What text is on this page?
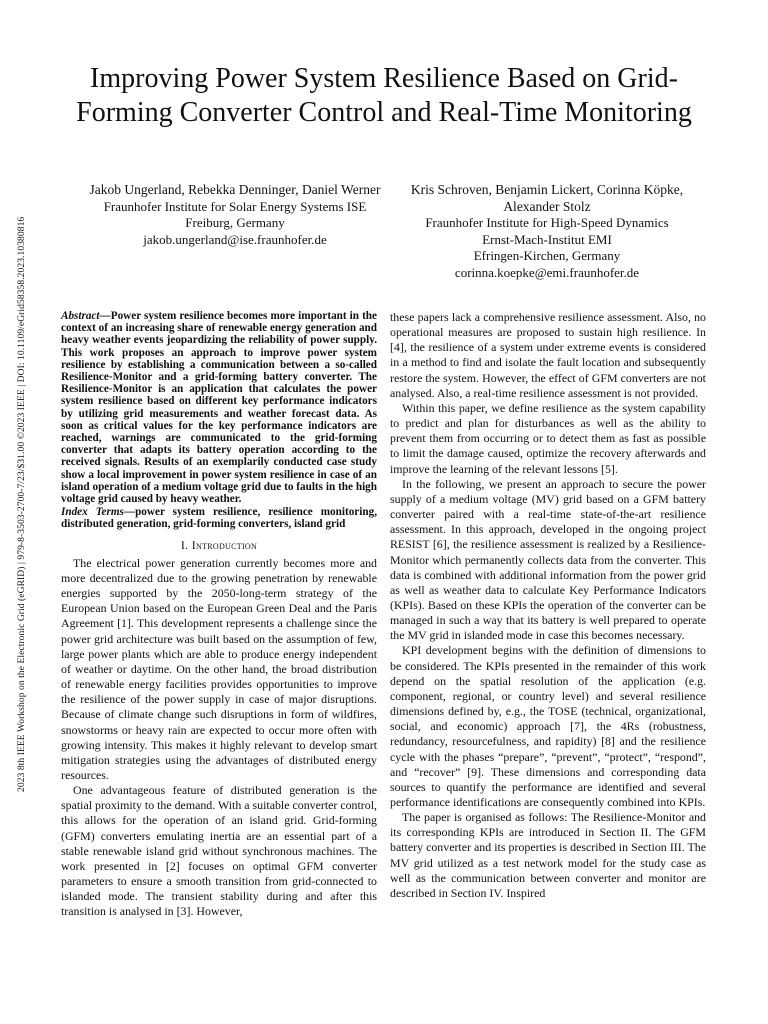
Improving Power System Resilience Based on Grid-Forming Converter Control and Real-Time Monitoring
Jakob Ungerland, Rebekka Denninger, Daniel Werner
Fraunhofer Institute for Solar Energy Systems ISE
Freiburg, Germany
jakob.ungerland@ise.fraunhofer.de
Kris Schroven, Benjamin Lickert, Corinna Köpke,
Alexander Stolz
Fraunhofer Institute for High-Speed Dynamics
Ernst-Mach-Institut EMI
Efringen-Kirchen, Germany
corinna.koepke@emi.fraunhofer.de
2023 8th IEEE Workshop on the Electronic Grid (eGRID) | 979-8-3503-2700-7/23/$31.00 ©2023 IEEE | DOI: 10.1109/eGrid58358.2023.10380816	Abstract—Power system resilience becomes more important in the context of an increasing share of renewable energy generation and heavy weather events jeopardizing the reliability of power supply. This work proposes an approach to improve power system resilience by establishing a communication between a so-called Resilience-Monitor and a grid-forming battery converter. The Resilience-Monitor is an application that calculates the power system resilience based on different key performance indicators by utilizing grid measurements and weather forecast data. As soon as critical values for the key performance indicators are reached, warnings are communicated to the grid-forming converter that adapts its battery operation according to the received signals. Results of an exemplarily conducted case study show a local improvement in power system resilience in case of an island operation of a medium voltage grid due to faults in the high voltage grid caused by heavy weather.
Index Terms—power system resilience, resilience monitoring, distributed generation, grid-forming converters, island grid
I. Introduction

The electrical power generation currently becomes more and more decentralized due to the growing penetration by renewable energies supported by the 2050-long-term strategy of the European Union based on the European Green Deal and the Paris Agreement [1]. This development represents a challenge since the power grid architecture was built based on the assumption of few, large power plants which are able to produce energy independent of weather or daytime. On the other hand, the broad distribution of renewable energy facilities provides opportunities to improve the resilience of the power supply in case of major disruptions. Because of climate change such disruptions in form of wildfires, snowstorms or heavy rain are expected to occur more often with growing intensity. This makes it highly relevant to develop smart mitigation strategies using the advantages of distributed energy resources.

One advantageous feature of distributed generation is the spatial proximity to the demand. With a suitable converter control, this allows for the operation of an island grid. Grid-forming (GFM) converters emulating inertia are an essential part of a stable renewable island grid without synchronous machines. The work presented in [2] focuses on optimal GFM converter parameters to ensure a smooth transition from grid-connected to islanded mode. The transient stability during and after this transition is analysed in [3]. However,

these papers lack a comprehensive resilience assessment. Also, no operational measures are proposed to sustain high resilience. In [4], the resilience of a system under extreme events is considered in a method to find and isolate the fault location and subsequently restore the system. However, the effect of GFM converters are not analysed. Also, a real-time resilience assessment is not provided.

Within this paper, we define resilience as the system capability to predict and plan for disturbances as well as the ability to prevent them from occurring or to detect them as fast as possible to limit the damage caused, optimize the recovery afterwards and improve the learning of the relevant lessons [5].

In the following, we present an approach to secure the power supply of a medium voltage (MV) grid based on a GFM battery converter paired with a real-time state-of-the-art resilience assessment. In this approach, developed in the ongoing project RESIST [6], the resilience assessment is realized by a Resilience-Monitor which permanently collects data from the converter. This data is combined with additional information from the power grid as well as weather data to calculate Key Performance Indicators (KPIs). Based on these KPIs the operation of the converter can be managed in such a way that its battery is well prepared to operate the MV grid in islanded mode in case this becomes necessary.

KPI development begins with the definition of dimensions to be considered. The KPIs presented in the remainder of this work depend on the spatial resolution of the application (e.g. component, regional, or country level) and several resilience dimensions defined by, e.g., the TOSE (technical, organizational, social, and economic) approach [7], the 4Rs (robustness, redundancy, resourcefulness, and rapidity) [8] and the resilience cycle with the phases “prepare”, “prevent”, “protect”, “respond”, and “recover” [9]. These dimensions and corresponding data sources to quantify the performance are identified and several performance identifications are consequently combined into KPIs.

The paper is organised as follows: The Resilience-Monitor and its corresponding KPIs are introduced in Section II. The GFM battery converter and its properties is described in Section III. The MV grid utilized as a test network model for the study case as well as the communication between converter and monitor are described in Section IV. Inspired
